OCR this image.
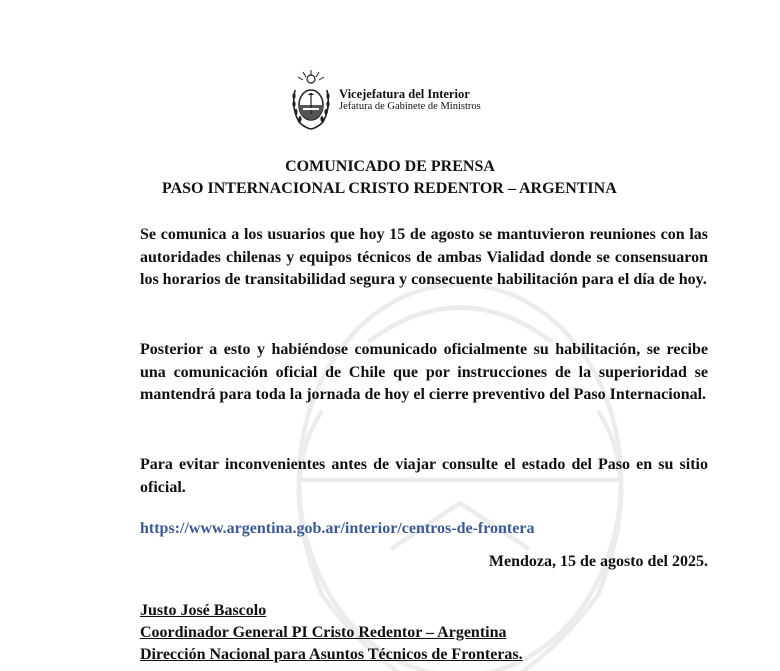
Vicejefatura del Interior
Jefatura de Gabinete de Ministros
COMUNICADO DE PRENSA
PASO INTERNACIONAL CRISTO REDENTOR – ARGENTINA

Se comunica a los usuarios que hoy 15 de agosto se mantuvieron reuniones con las autoridades chilenas y equipos técnicos de ambas Vialidad donde se consensuaron los horarios de transitabilidad segura y consecuente habilitación para el día de hoy.

Posterior a esto y habiéndose comunicado oficialmente su habilitación, se recibe una comunicación oficial de Chile que por instrucciones de la superioridad se mantendrá para toda la jornada de hoy el cierre preventivo del Paso Internacional.

Para evitar inconvenientes antes de viajar consulte el estado del Paso en su sitio oficial.

https://www.argentina.gob.ar/interior/centros-de-frontera
Mendoza, 15 de agosto del 2025.
Justo José Bascolo
Coordinador General PI Cristo Redentor – Argentina
Dirección Nacional para Asuntos Técnicos de Fronteras.
